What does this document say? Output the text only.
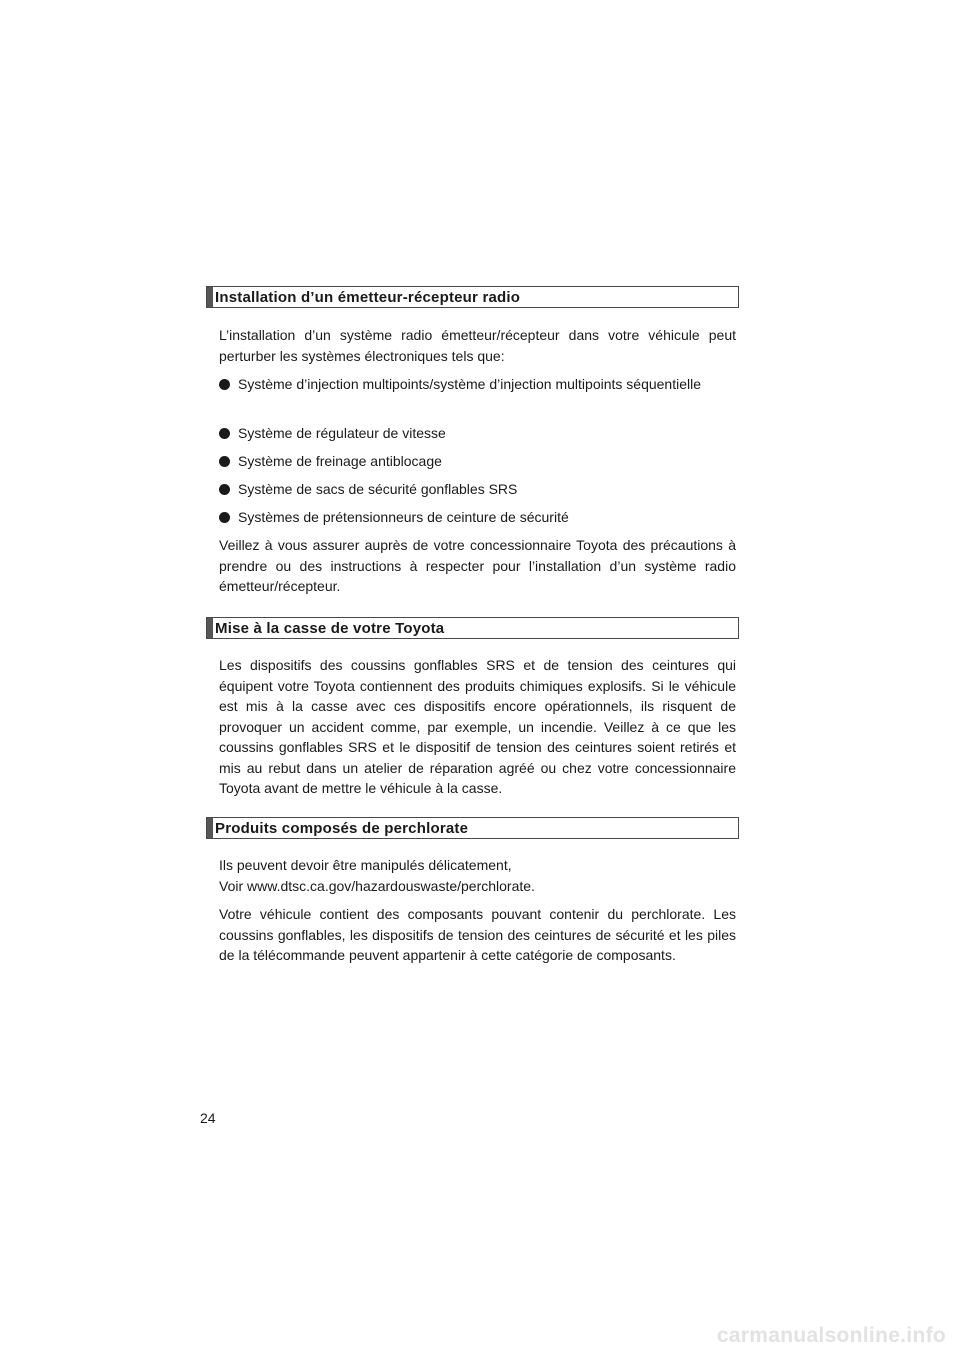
Installation d’un émetteur-récepteur radio
L’installation d’un système radio émetteur/récepteur dans votre véhicule peut perturber les systèmes électroniques tels que:
Système d’injection multipoints/système d’injection multipoints séquentielle
Système de régulateur de vitesse
Système de freinage antiblocage
Système de sacs de sécurité gonflables SRS
Systèmes de prétensionneurs de ceinture de sécurité
Veillez à vous assurer auprès de votre concessionnaire Toyota des précautions à prendre ou des instructions à respecter pour l’installation d’un système radio émetteur/récepteur.
Mise à la casse de votre Toyota
Les dispositifs des coussins gonflables SRS et de tension des ceintures qui équipent votre Toyota contiennent des produits chimiques explosifs. Si le véhicule est mis à la casse avec ces dispositifs encore opérationnels, ils risquent de provoquer un accident comme, par exemple, un incendie. Veillez à ce que les coussins gonflables SRS et le dispositif de tension des ceintures soient retirés et mis au rebut dans un atelier de réparation agréé ou chez votre concessionnaire Toyota avant de mettre le véhicule à la casse.
Produits composés de perchlorate
Ils peuvent devoir être manipulés délicatement,
Voir www.dtsc.ca.gov/hazardouswaste/perchlorate.
Votre véhicule contient des composants pouvant contenir du perchlorate. Les coussins gonflables, les dispositifs de tension des ceintures de sécurité et les piles de la télécommande peuvent appartenir à cette catégorie de composants.
24
carmanualsonline.info
